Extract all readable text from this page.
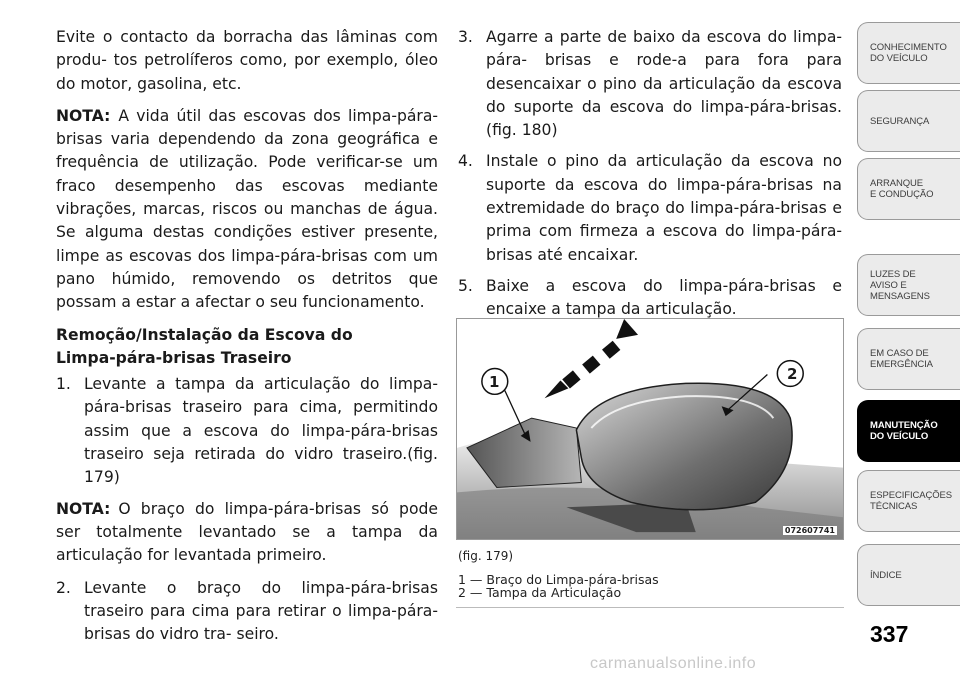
Evite o contacto da borracha das lâminas com produ- tos petrolíferos como, por exemplo, óleo do motor, gasolina, etc.

NOTA: A vida útil das escovas dos limpa-pára-brisas varia dependendo da zona geográfica e frequência de utilização. Pode verificar-se um fraco desempenho das escovas mediante vibrações, marcas, riscos ou manchas de água. Se alguma destas condições estiver presente, limpe as escovas dos limpa-pára-brisas com um pano húmido, removendo os detritos que possam a estar a afectar o seu funcionamento.

Remoção/Instalação da Escova do
Limpa-pára-brisas Traseiro
1. Levante a tampa da articulação do limpa-pára-brisas traseiro para cima, permitindo assim que a escova do limpa-pára-brisas traseiro seja retirada do vidro traseiro.(fig. 179)

NOTA: O braço do limpa-pára-brisas só pode ser totalmente levantado se a tampa da articulação for levantada primeiro.

2. Levante o braço do limpa-pára-brisas traseiro para cima para retirar o limpa-pára-brisas do vidro tra- seiro.
3. Agarre a parte de baixo da escova do limpa-pára- brisas e rode-a para fora para desencaixar o pino da articulação da escova do suporte da escova do limpa-pára-brisas.(fig. 180)
4. Instale o pino da articulação da escova no suporte da escova do limpa-pára-brisas na extremidade do braço do limpa-pára-brisas e prima com firmeza a escova do limpa-pára-brisas até encaixar.
5. Baixe a escova do limpa-pára-brisas e encaixe a tampa da articulação.
1	2
072607741
(fig. 179)
1 — Braço do Limpa-pára-brisas
2 — Tampa da Articulação
CONHECIMENTO
DO VEÍCULO
SEGURANÇA
ARRANQUE
E CONDUÇÃO
LUZES DE
AVISO E
MENSAGENS
EM CASO DE
EMERGÊNCIA
MANUTENÇÃO
DO VEÍCULO
ESPECIFICAÇÕES
TÉCNICAS
ÍNDICE
337
carmanualsonline.info
